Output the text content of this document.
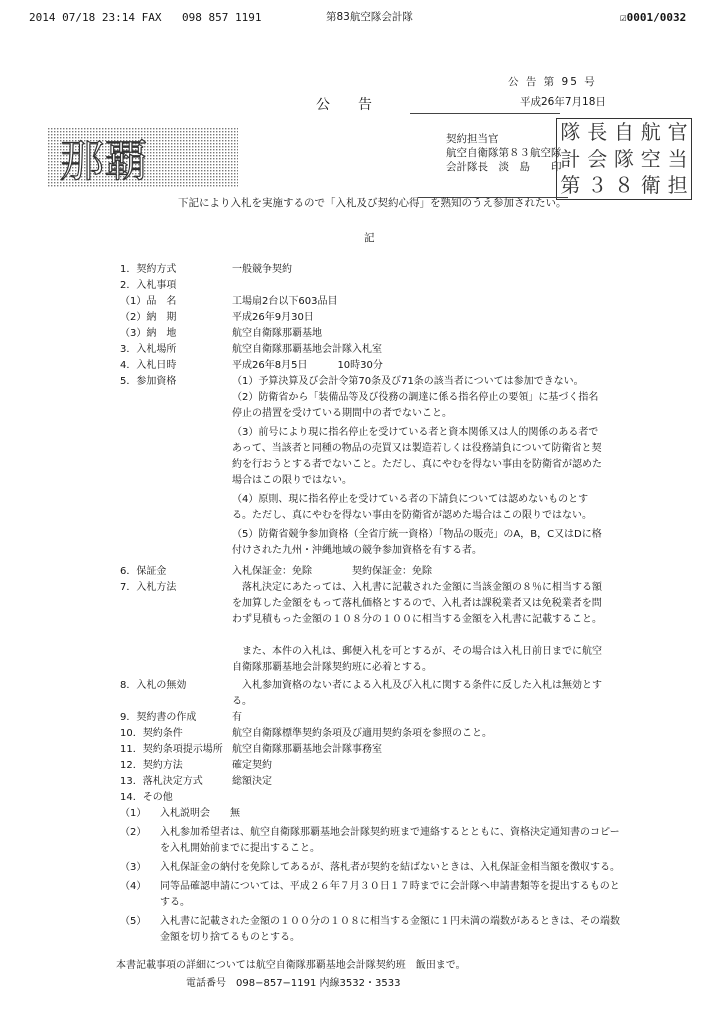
2014 07/18 23:14 FAX 098 857 1191	第83航空隊会計隊	☑0001/0032
公 告 第 95 号
平成26年7月18日
公　　告
契約担当官
航空自衛隊第８３航空隊
会計隊長　淡　島　　印
那覇
隊 長 自 航 官
計 会 隊 空 当
第 ３ ８ 衛 担
下記により入札を実施するので「入札及び契約心得」を熟知のうえ参加されたい。
記
1．契約方式	一般競争契約
2．入札事項
（1）品　名	工場扇2台以下603品目
（2）納　期	平成26年9月30日
（3）納　地	航空自衛隊那覇基地
3．入札場所	航空自衛隊那覇基地会計隊入札室
4．入札日時	平成26年8月5日　　　10時30分
5．参加資格	（1）予算決算及び会計令第70条及び71条の該当者については参加できない。
（2）防衛省から「装備品等及び役務の調達に係る指名停止の要領」に基づく指名停止の措置を受けている期間中の者でないこと。
（3）前号により現に指名停止を受けている者と資本関係又は人的関係のある者であって、当該者と同種の物品の売買又は製造若しくは役務請負について防衛省と契約を行おうとする者でないこと。ただし、真にやむを得ない事由を防衛省が認めた場合はこの限りではない。
（4）原則、現に指名停止を受けている者の下請負については認めないものとする。ただし、真にやむを得ない事由を防衛省が認めた場合はこの限りではない。
（5）防衛省競争参加資格（全省庁統一資格）「物品の販売」のA，B，C又はDに格付けされた九州・沖縄地域の競争参加資格を有する者。
6．保証金	入札保証金：免除　　　　契約保証金：免除
7．入札方法	落札決定にあたっては、入札書に記載された金額に当該金額の８％に相当する額を加算した金額をもって落札価格とするので、入札者は課税業者又は免税業者を問わず見積もった金額の１０８分の１００に相当する金額を入札書に記載すること。
また、本件の入札は、郵便入札を可とするが、その場合は入札日前日までに航空自衛隊那覇基地会計隊契約班に必着とする。
8．入札の無効	入札参加資格のない者による入札及び入札に関する条件に反した入札は無効とする。
9．契約書の作成	有
10．契約条件	航空自衛隊標準契約条項及び適用契約条項を参照のこと。
11．契約条項提示場所 航空自衛隊那覇基地会計隊事務室
12．契約方法	確定契約
13．落札決定方式	総額決定
14．その他
（1）	入札説明会　　無
（2）	入札参加希望者は、航空自衛隊那覇基地会計隊契約班まで連絡するとともに、資格決定通知書のコピーを入札開始前までに提出すること。
（3）	入札保証金の納付を免除してあるが、落札者が契約を結ばないときは、入札保証金相当額を徴収する。
（4）	同等品確認申請については、平成２６年７月３０日１７時までに会計隊へ申請書類等を提出するものとする。
（5）	入札書に記載された金額の１００分の１０８に相当する金額に１円未満の端数があるときは、その端数金額を切り捨てるものとする。
本書記載事項の詳細については航空自衛隊那覇基地会計隊契約班　飯田まで。
電話番号　098−857−1191 内線3532・3533
